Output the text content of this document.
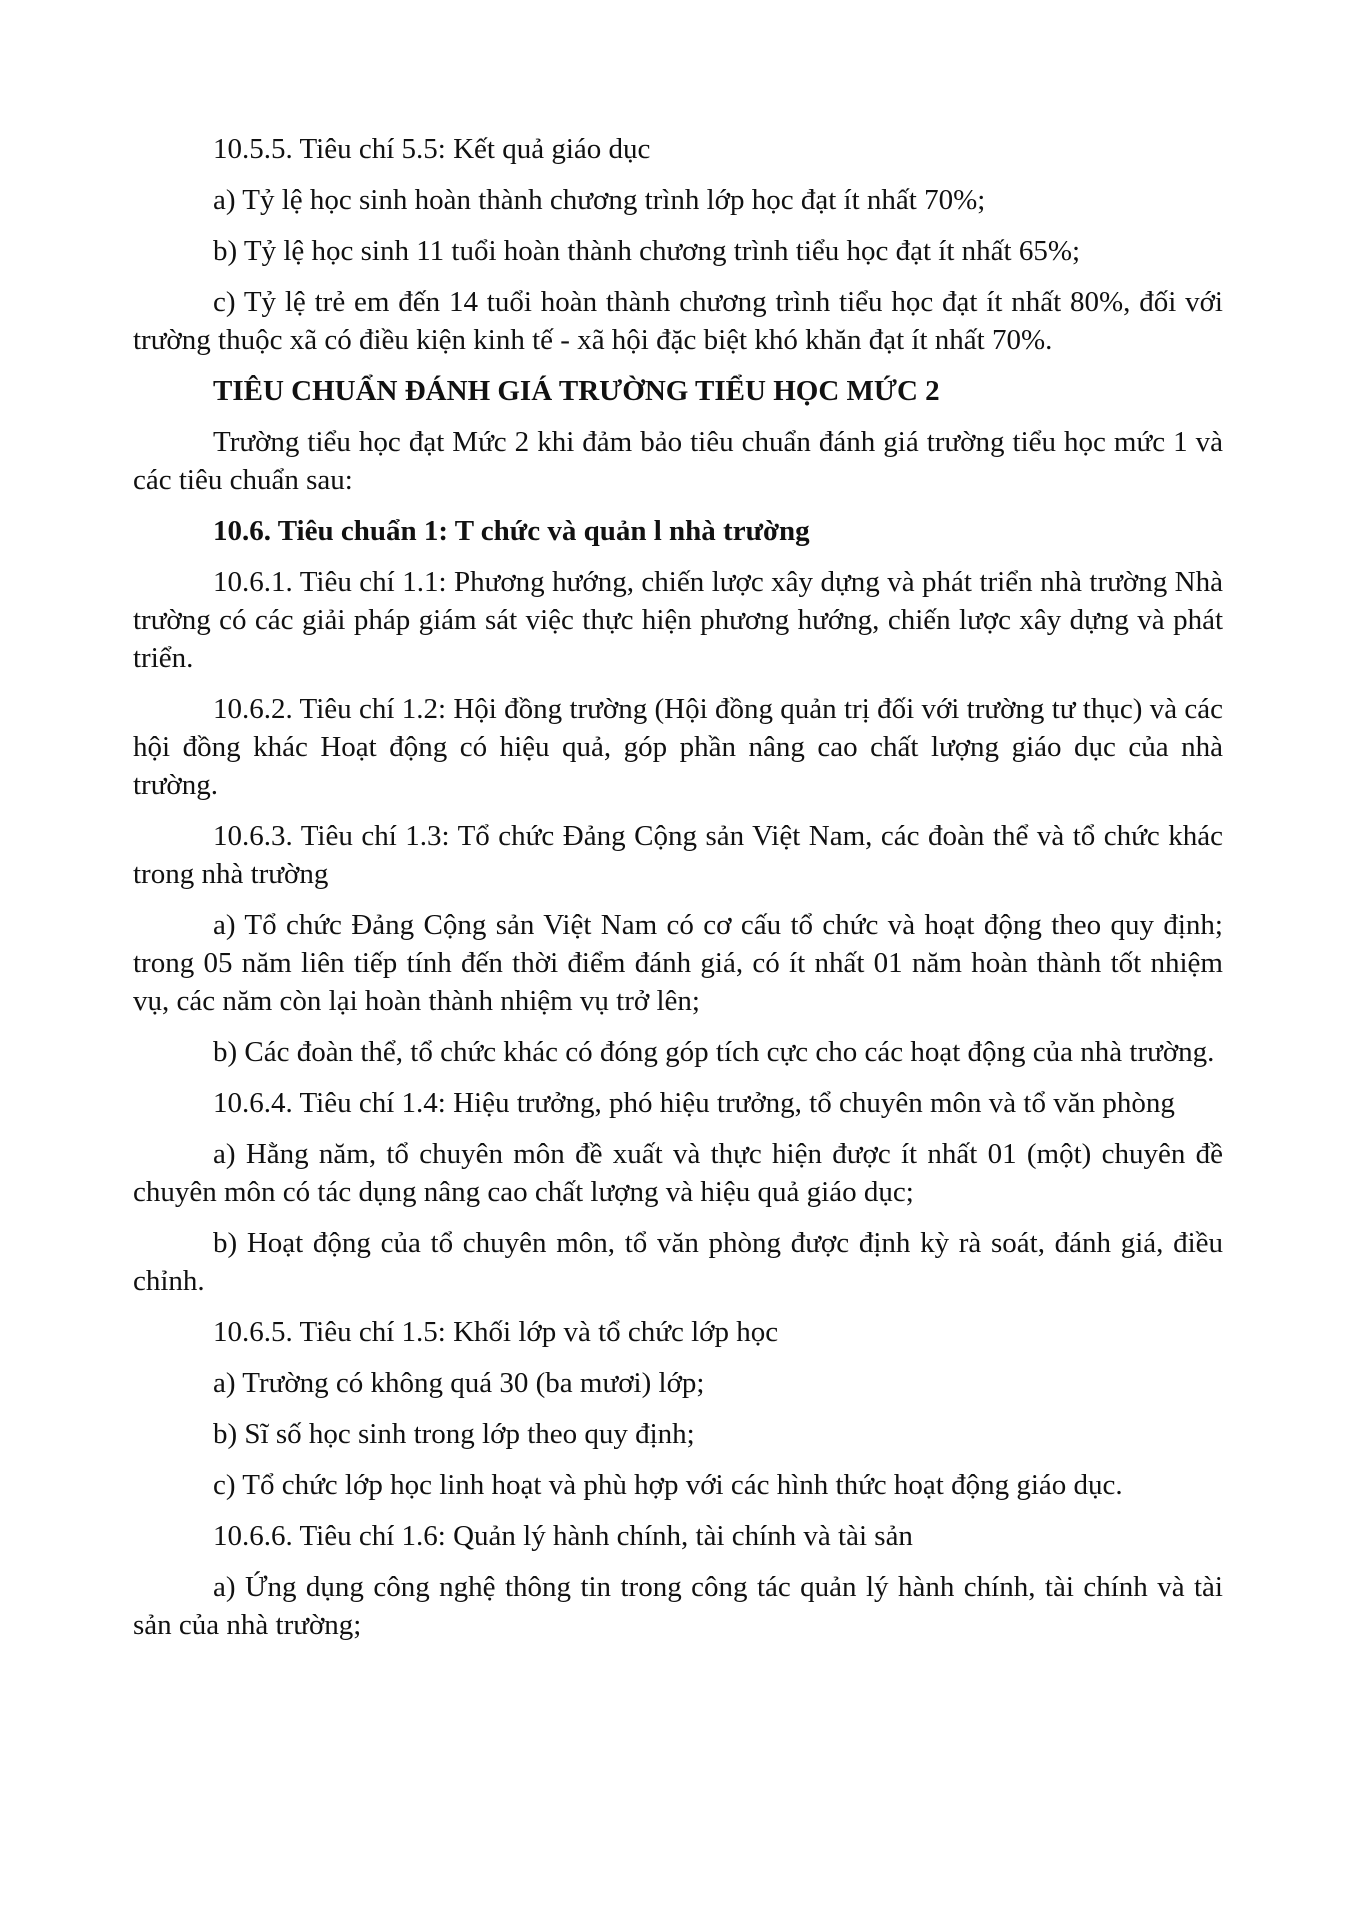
10.5.5. Tiêu chí 5.5: Kết quả giáo dục

a) Tỷ lệ học sinh hoàn thành chương trình lớp học đạt ít nhất 70%;

b) Tỷ lệ học sinh 11 tuổi hoàn thành chương trình tiểu học đạt ít nhất 65%;

c) Tỷ lệ trẻ em đến 14 tuổi hoàn thành chương trình tiểu học đạt ít nhất 80%, đối với trường thuộc xã có điều kiện kinh tế - xã hội đặc biệt khó khăn đạt ít nhất 70%.

TIÊU CHUẨN ĐÁNH GIÁ TRƯỜNG TIỂU HỌC MỨC 2

Trường tiểu học đạt Mức 2 khi đảm bảo tiêu chuẩn đánh giá trường tiểu học mức 1 và các tiêu chuẩn sau:

10.6. Tiêu chuẩn 1: T chức và quản l nhà trường

10.6.1. Tiêu chí 1.1: Phương hướng, chiến lược xây dựng và phát triển nhà trường Nhà trường có các giải pháp giám sát việc thực hiện phương hướng, chiến lược xây dựng và phát triển.

10.6.2. Tiêu chí 1.2: Hội đồng trường (Hội đồng quản trị đối với trường tư thục) và các hội đồng khác Hoạt động có hiệu quả, góp phần nâng cao chất lượng giáo dục của nhà trường.

10.6.3. Tiêu chí 1.3: Tổ chức Đảng Cộng sản Việt Nam, các đoàn thể và tổ chức khác trong nhà trường

a) Tổ chức Đảng Cộng sản Việt Nam có cơ cấu tổ chức và hoạt động theo quy định; trong 05 năm liên tiếp tính đến thời điểm đánh giá, có ít nhất 01 năm hoàn thành tốt nhiệm vụ, các năm còn lại hoàn thành nhiệm vụ trở lên;

b) Các đoàn thể, tổ chức khác có đóng góp tích cực cho các hoạt động của nhà trường.

10.6.4. Tiêu chí 1.4: Hiệu trưởng, phó hiệu trưởng, tổ chuyên môn và tổ văn phòng

a) Hằng năm, tổ chuyên môn đề xuất và thực hiện được ít nhất 01 (một) chuyên đề chuyên môn có tác dụng nâng cao chất lượng và hiệu quả giáo dục;

b) Hoạt động của tổ chuyên môn, tổ văn phòng được định kỳ rà soát, đánh giá, điều chỉnh.

10.6.5. Tiêu chí 1.5: Khối lớp và tổ chức lớp học

a) Trường có không quá 30 (ba mươi) lớp;

b) Sĩ số học sinh trong lớp theo quy định;

c) Tổ chức lớp học linh hoạt và phù hợp với các hình thức hoạt động giáo dục.

10.6.6. Tiêu chí 1.6: Quản lý hành chính, tài chính và tài sản

a) Ứng dụng công nghệ thông tin trong công tác quản lý hành chính, tài chính và tài sản của nhà trường;
